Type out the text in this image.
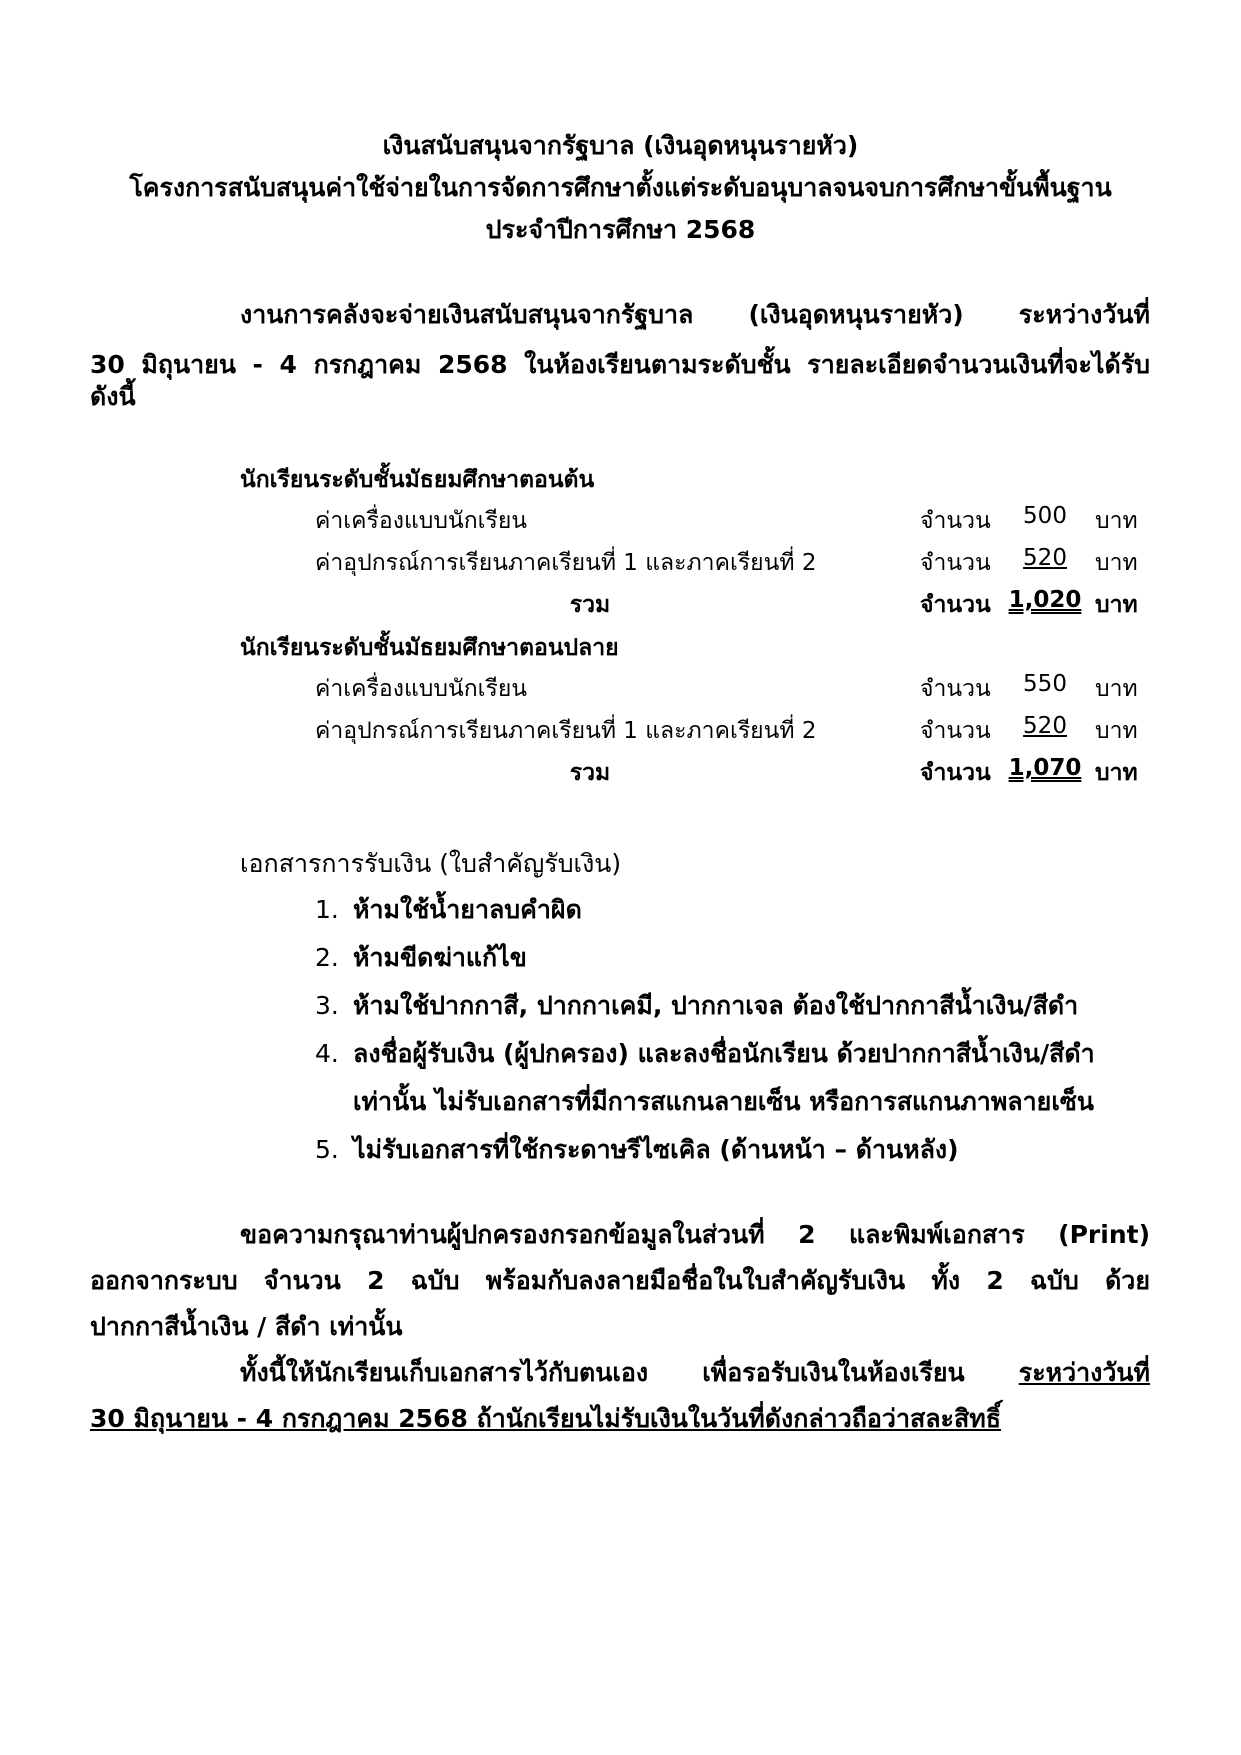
เงินสนับสนุนจากรัฐบาล (เงินอุดหนุนรายหัว)
โครงการสนับสนุนค่าใช้จ่ายในการจัดการศึกษาตั้งแต่ระดับอนุบาลจนจบการศึกษาขั้นพื้นฐาน
ประจำปีการศึกษา 2568
งานการคลังจะจ่ายเงินสนับสนุนจากรัฐบาล (เงินอุดหนุนรายหัว) ระหว่างวันที่
30 มิถุนายน - 4 กรกฎาคม 2568 ในห้องเรียนตามระดับชั้น รายละเอียดจำนวนเงินที่จะได้รับ
ดังนี้
นักเรียนระดับชั้นมัธยมศึกษาตอนต้น
ค่าเครื่องแบบนักเรียน	จำนวน	500	บาท
ค่าอุปกรณ์การเรียนภาคเรียนที่ 1 และภาคเรียนที่ 2	จำนวน	520	บาท
รวม	จำนวน 1,020 บาท
นักเรียนระดับชั้นมัธยมศึกษาตอนปลาย
ค่าเครื่องแบบนักเรียน	จำนวน	550	บาท
ค่าอุปกรณ์การเรียนภาคเรียนที่ 1 และภาคเรียนที่ 2	จำนวน	520	บาท
รวม	จำนวน 1,070 บาท
เอกสารการรับเงิน (ใบสำคัญรับเงิน)
1. ห้ามใช้น้ำยาลบคำผิด
2. ห้ามขีดฆ่าแก้ไข
3. ห้ามใช้ปากกาสี, ปากกาเคมี, ปากกาเจล ต้องใช้ปากกาสีน้ำเงิน/สีดำ
4. ลงชื่อผู้รับเงิน (ผู้ปกครอง) และลงชื่อนักเรียน ด้วยปากกาสีน้ำเงิน/สีดำ
เท่านั้น ไม่รับเอกสารที่มีการสแกนลายเซ็น หรือการสแกนภาพลายเซ็น
5. ไม่รับเอกสารที่ใช้กระดาษรีไซเคิล (ด้านหน้า – ด้านหลัง)
ขอความกรุณาท่านผู้ปกครองกรอกข้อมูลในส่วนที่ 2 และพิมพ์เอกสาร (Print)
ออกจากระบบ จำนวน 2 ฉบับ พร้อมกับลงลายมือชื่อในใบสำคัญรับเงิน ทั้ง 2 ฉบับ ด้วย
ปากกาสีน้ำเงิน / สีดำ เท่านั้น
ทั้งนี้ให้นักเรียนเก็บเอกสารไว้กับตนเอง เพื่อรอรับเงินในห้องเรียน ระหว่างวันที่
30 มิถุนายน - 4 กรกฎาคม 2568 ถ้านักเรียนไม่รับเงินในวันที่ดังกล่าวถือว่าสละสิทธิ์
